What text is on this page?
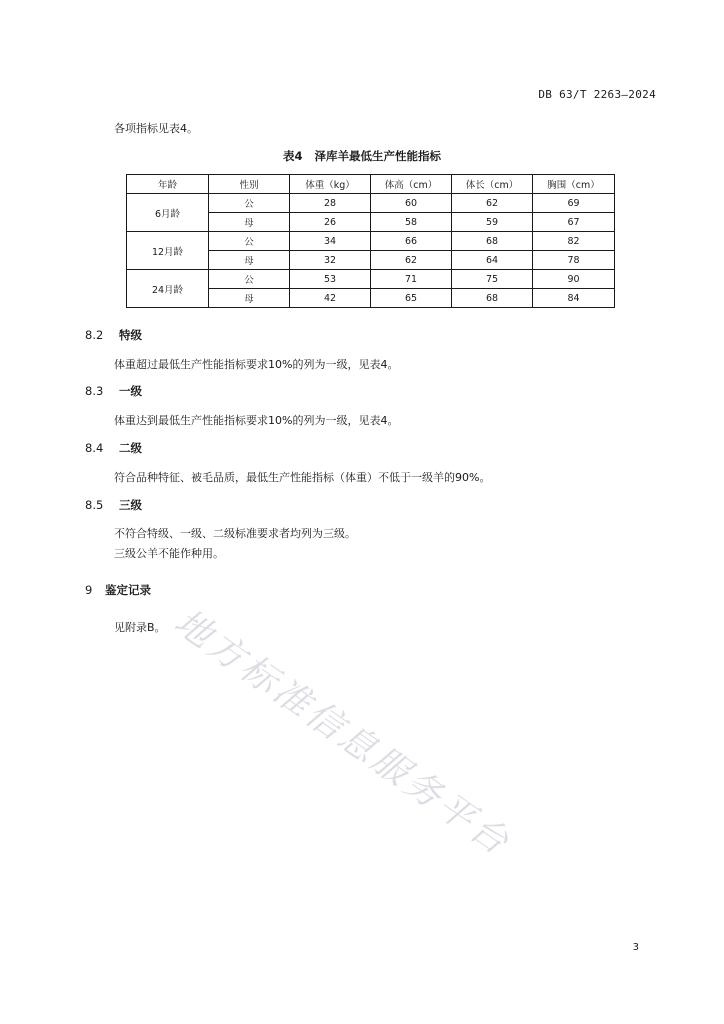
DB 63/T 2263—2024
各项指标见表4。
表4 泽库羊最低生产性能指标
年龄	性别	体重（kg）	体高（cm）	体长（cm）	胸围（cm）
6月龄	公	28	60	62	69
	母	26	58	59	67
12月龄	公	34	66	68	82
	母	32	62	64	78
24月龄	公	53	71	75	90
	母	42	65	68	84
8.2 特级
体重超过最低生产性能指标要求10%的列为一级，见表4。
8.3 一级
体重达到最低生产性能指标要求10%的列为一级，见表4。
8.4 二级
符合品种特征、被毛品质，最低生产性能指标（体重）不低于一级羊的90%。
8.5 三级
不符合特级、一级、二级标准要求者均列为三级。
三级公羊不能作种用。
9 鉴定记录
见附录B。 地方标准信息服务平台
3
